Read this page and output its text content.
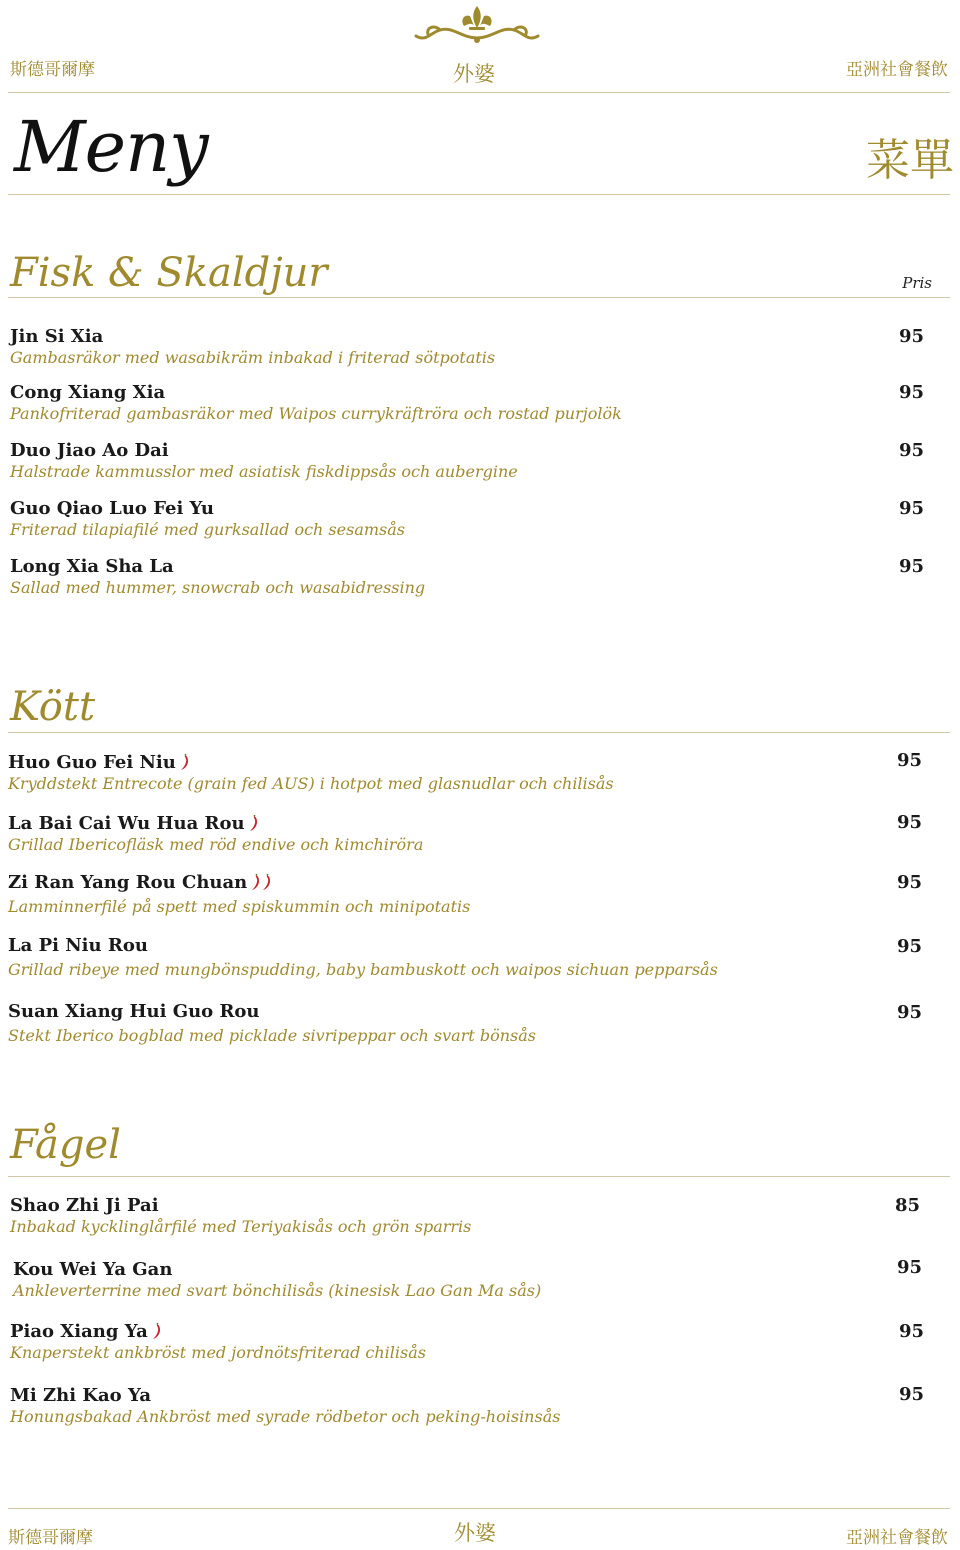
斯德哥爾摩	外婆	亞洲社會餐飲
Meny	菜單
Fisk & Skaldjur	Pris
Jin Si Xia
Gambasräkor med wasabikräm inbakad i friterad sötpotatis
95
Cong Xiang Xia
Pankofriterad gambasräkor med Waipos currykräftröra och rostad purjolök
95
Duo Jiao Ao Dai
Halstrade kammusslor med asiatisk fiskdippsås och aubergine
95
Guo Qiao Luo Fei Yu
Friterad tilapiafilé med gurksallad och sesamsås
95
Long Xia Sha La
Sallad med hummer, snowcrab och wasabidressing
95
Kött
Huo Guo Fei Niu
Kryddstekt Entrecote (grain fed AUS) i hotpot med glasnudlar och chilisås
95
La Bai Cai Wu Hua Rou
Grillad Ibericofläsk med röd endive och kimchiröra
95
Zi Ran Yang Rou Chuan
Lamminnerfilé på spett med spiskummin och minipotatis
95
La Pi Niu Rou
Grillad ribeye med mungbönspudding, baby bambuskott och waipos sichuan pepparsås
95
Suan Xiang Hui Guo Rou
Stekt Iberico bogblad med picklade sivripeppar och svart bönsås
95
Fågel
Shao Zhi Ji Pai
Inbakad kycklinglårfilé med Teriyakisås och grön sparris
85
Kou Wei Ya Gan
Ankleverterrine med svart bönchilisås (kinesisk Lao Gan Ma sås)
95
Piao Xiang Ya
Knaperstekt ankbröst med jordnötsfriterad chilisås
95
Mi Zhi Kao Ya
Honungsbakad Ankbröst med syrade rödbetor och peking-hoisinsås
95
斯德哥爾摩	外婆	亞洲社會餐飲
